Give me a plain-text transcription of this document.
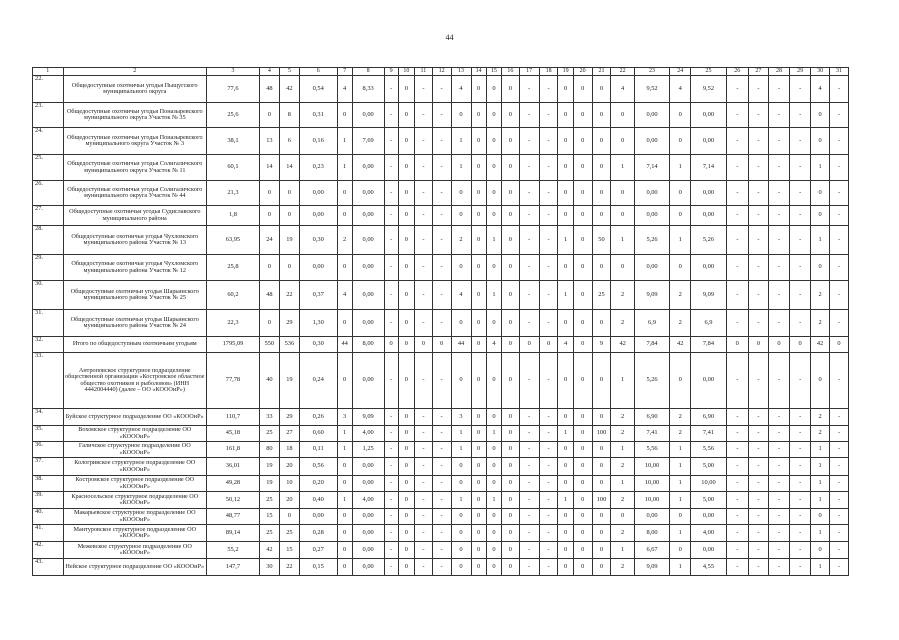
44
1	2	3	4	5	6	7	8	9	10	11	12	13	14	15	16	17	18	19	20	21	22	23	24	25	26	27	28	29	30	31
22.	Общедоступные охотничьи угодья Пыщугского муниципального округа	77,6	48	42	0,54	4	8,33	-	0	-	-	4	0	0	0	-	-	0	0	0	4	9,52	4	9,52	-	-	-	-	4	-
23.	Общедоступные охотничьи угодья Поназыревского муниципального округа Участок № 35	25,6	0	8	0,31	0	0,00	-	0	-	-	0	0	0	0	-	-	0	0	0	0	0,00	0	0,00	-	-	-	-	0	-
24.	Общедоступные охотничьи угодья Поназыревского муниципального округа Участок № 3	38,1	13	6	0,16	1	7,69	-	0	-	-	1	0	0	0	-	-	0	0	0	0	0,00	0	0,00	-	-	-	-	0	-
25.	Общедоступные охотничьи угодья Солигаличского муниципального округа Участок № 11	60,1	14	14	0,23	1	0,00	-	0	-	-	1	0	0	0	-	-	0	0	0	1	7,14	1	7,14	-	-	-	-	1	-
26.	Общедоступные охотничьи угодья Солигаличского муниципального округа Участок № 44	21,3	0	0	0,00	0	0,00	-	0	-	-	0	0	0	0	-	-	0	0	0	0	0,00	0	0,00	-	-	-	-	0	-
27.	Общедоступные охотничьи угодья Судиславского муниципального района	1,8	0	0	0,00	0	0,00	-	0	-	-	0	0	0	0	-	-	0	0	0	0	0,00	0	0,00	-	-	-	-	0	-
28.	Общедоступные охотничьи угодья Чухломского муниципального района Участок № 13	63,95	24	19	0,30	2	0,00	-	0	-	-	2	0	1	0	-	-	1	0	50	1	5,26	1	5,26	-	-	-	-	1	-
29.	Общедоступные охотничьи угодья Чухломского муниципального района Участок № 12	25,8	0	0	0,00	0	0,00	-	0	-	-	0	0	0	0	-	-	0	0	0	0	0,00	0	0,00	-	-	-	-	0	-
30.	Общедоступные охотничьи угодья Шарьинского муниципального района Участок № 25	60,2	48	22	0,37	4	0,00	-	0	-	-	4	0	1	0	-	-	1	0	25	2	9,09	2	9,09	-	-	-	-	2	-
31.	Общедоступные охотничьи угодья Шарьинского муниципального района Участок № 24	22,3	0	29	1,30	0	0,00	-	0	-	-	0	0	0	0	-	-	0	0	0	2	6,9	2	6,9	-	-	-	-	2	-
32.	Итого по общедоступным охотничьим угодьям	1795,09	550	536	0,30	44	8,00	0	0	0	0	44	0	4	0	0	0	4	0	9	42	7,84	42	7,84	0	0	0	0	42	0
33.	Антроповское структурное подразделение общественной организации «Костромское областное общество охотников и рыболовов» (ИНН 4442004440) (далее – ОО «КОООиР»)	77,78	40	19	0,24	0	0,00	-	0	-	-	0	0	0	0	-	-	0	0	0	1	5,26	0	0,00	-	-	-	-	0	-
34.	Буйское структурное подразделение ОО «КОООиР»	110,7	33	29	0,26	3	9,09	-	0	-	-	3	0	0	0	-	-	0	0	0	2	6,90	2	6,90	-	-	-	-	2	-
35.	Вохомское структурное подразделение ОО «КОООиР»	45,18	25	27	0,60	1	4,00	-	0	-	-	1	0	1	0	-	-	1	0	100	2	7,41	2	7,41	-	-	-	-	2	-
36.	Галичское структурное подразделение ОО «КОООиР»	161,8	80	18	0,11	1	1,25	-	0	-	-	1	0	0	0	-	-	0	0	0	1	5,56	1	5,56	-	-	-	-	1	-
37.	Кологривское структурное подразделение ОО «КОООиР»	36,01	19	20	0,56	0	0,00	-	0	-	-	0	0	0	0	-	-	0	0	0	2	10,00	1	5,00	-	-	-	-	1	-
38.	Костромское структурное подразделение ОО «КОООиР»	49,28	19	10	0,20	0	0,00	-	0	-	-	0	0	0	0	-	-	0	0	0	1	10,00	1	10,00	-	-	-	-	1	-
39.	Красносельское структурное подразделение ОО «КОООиР»	50,12	25	20	0,40	1	4,00	-	0	-	-	1	0	1	0	-	-	1	0	100	2	10,00	1	5,00	-	-	-	-	1	-
40.	Макарьевское структурное подразделение ОО «КОООиР»	48,77	15	0	0,00	0	0,00	-	0	-	-	0	0	0	0	-	-	0	0	0	0	0,00	0	0,00	-	-	-	-	0	-
41.	Мантуровское структурное подразделение ОО «КОООиР»	89,14	25	25	0,28	0	0,00	-	0	-	-	0	0	0	0	-	-	0	0	0	2	8,00	1	4,00	-	-	-	-	1	-
42.	Межевское структурное подразделение ОО «КОООиР»	55,2	42	15	0,27	0	0,00	-	0	-	-	0	0	0	0	-	-	0	0	0	1	6,67	0	0,00	-	-	-	-	0	-
43.	Нейское структурное подразделение ОО «КОООиР»	147,7	30	22	0,15	0	0,00	-	0	-	-	0	0	0	0	-	-	0	0	0	2	9,09	1	4,55	-	-	-	-	1	-
